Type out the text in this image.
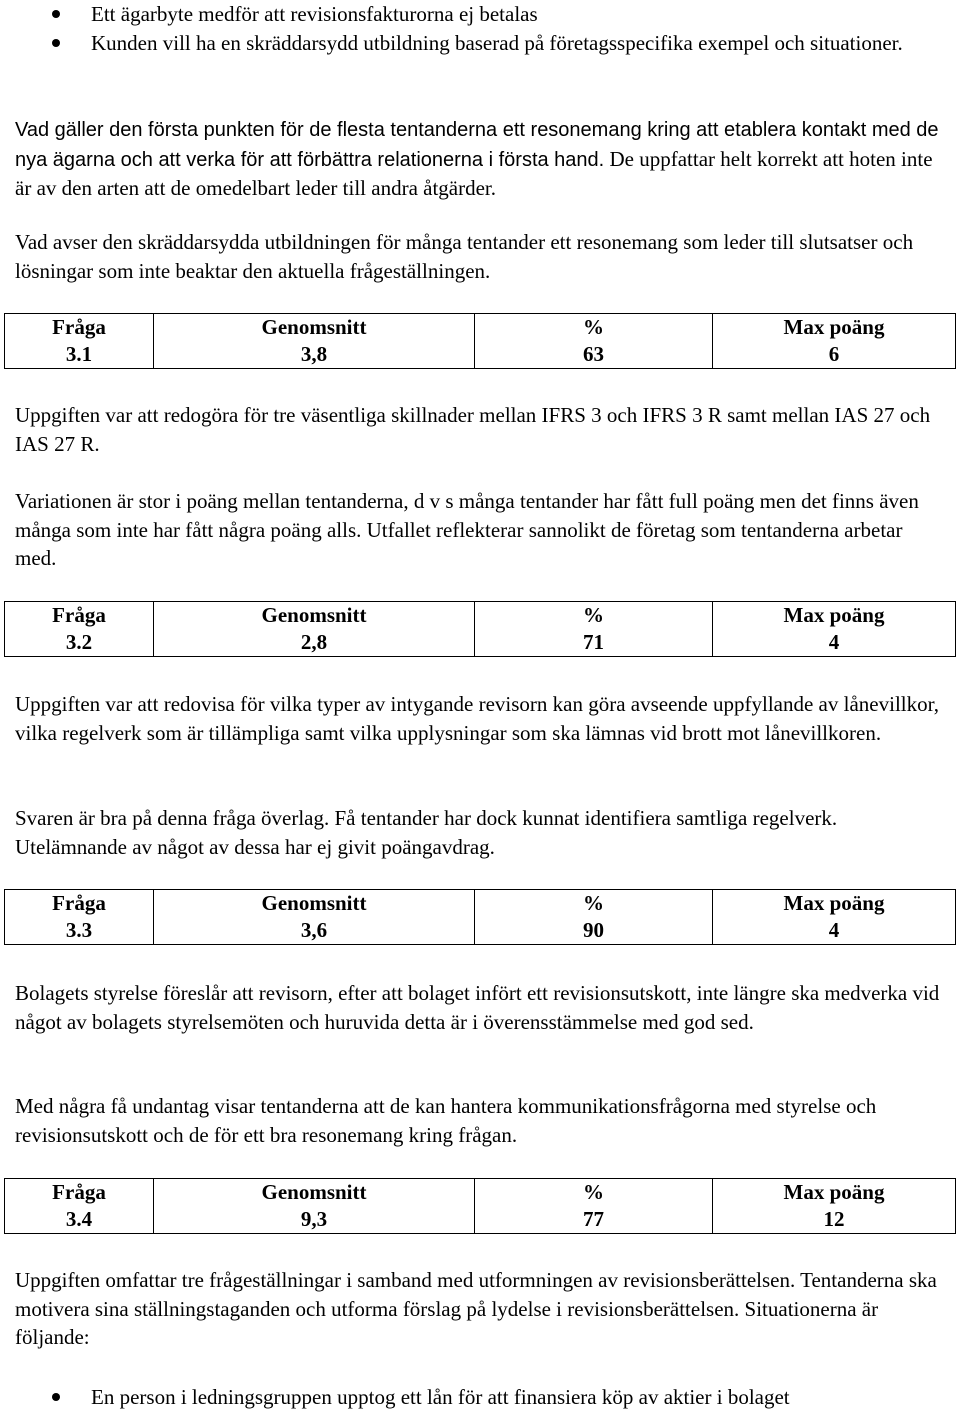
Ett ägarbyte medför att revisionsfakturorna ej betalas
Kunden vill ha en skräddarsydd utbildning baserad på företagsspecifika exempel och situationer.

Vad gäller den första punkten för de flesta tentanderna ett resonemang kring att etablera kontakt med de nya ägarna och att verka för att förbättra relationerna i första hand. De uppfattar helt korrekt att hoten inte är av den arten att de omedelbart leder till andra åtgärder.

Vad avser den skräddarsydda utbildningen för många tentander ett resonemang som leder till slutsatser och lösningar som inte beaktar den aktuella frågeställningen.

Fråga	Genomsnitt	%	Max poäng
3.1	3,8	63	6

Uppgiften var att redogöra för tre väsentliga skillnader mellan IFRS 3 och IFRS 3 R samt mellan IAS 27 och IAS 27 R.

Variationen är stor i poäng mellan tentanderna, d v s många tentander har fått full poäng men det finns även många som inte har fått några poäng alls. Utfallet reflekterar sannolikt de företag som tentanderna arbetar med.

Fråga	Genomsnitt	%	Max poäng
3.2	2,8	71	4

Uppgiften var att redovisa för vilka typer av intygande revisorn kan göra avseende uppfyllande av lånevillkor, vilka regelverk som är tillämpliga samt vilka upplysningar som ska lämnas vid brott mot lånevillkoren.

Svaren är bra på denna fråga överlag. Få tentander har dock kunnat identifiera samtliga regelverk. Utelämnande av något av dessa har ej givit poängavdrag.

Fråga	Genomsnitt	%	Max poäng
3.3	3,6	90	4

Bolagets styrelse föreslår att revisorn, efter att bolaget infört ett revisionsutskott, inte längre ska medverka vid något av bolagets styrelsemöten och huruvida detta är i överensstämmelse med god sed.

Med några få undantag visar tentanderna att de kan hantera kommunikationsfrågorna med styrelse och revisionsutskott och de för ett bra resonemang kring frågan.

Fråga	Genomsnitt	%	Max poäng
3.4	9,3	77	12

Uppgiften omfattar tre frågeställningar i samband med utformningen av revisionsberättelsen. Tentanderna ska motivera sina ställningstaganden och utforma förslag på lydelse i revisionsberättelsen. Situationerna är följande:

En person i ledningsgruppen upptog ett lån för att finansiera köp av aktier i bolaget
